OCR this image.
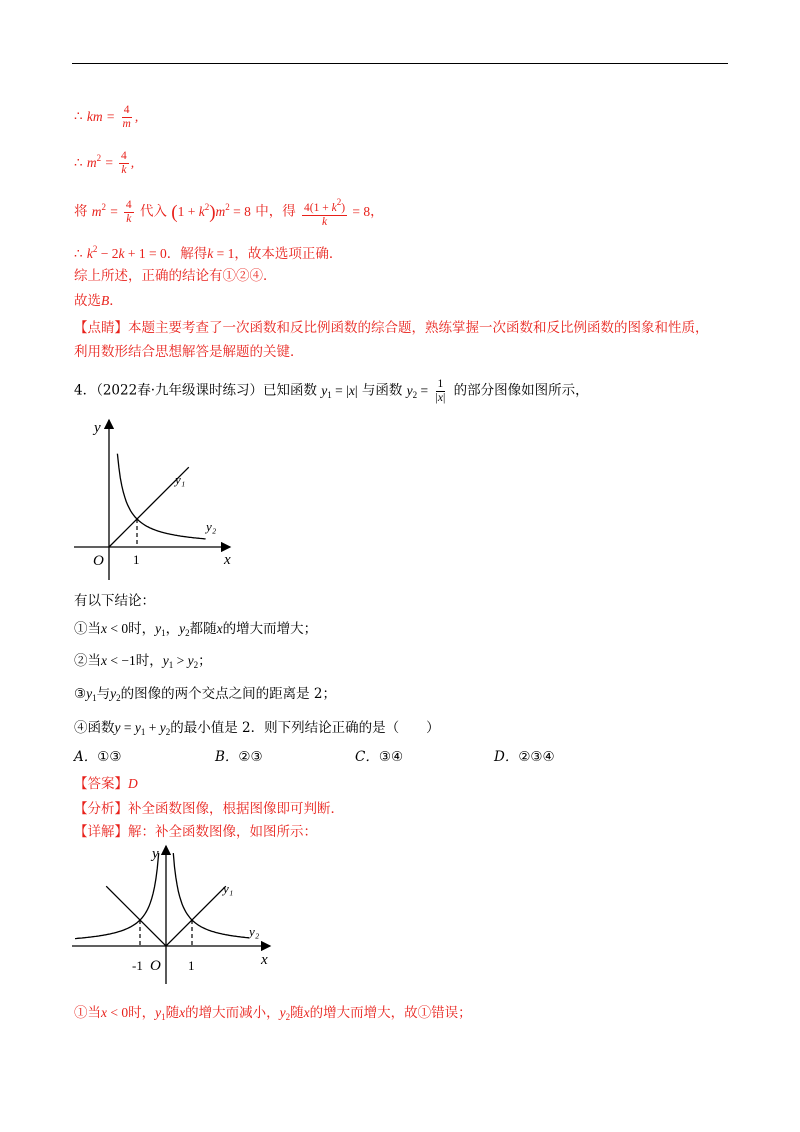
∴ km = $\frac{4}{m}$ ,
∴ $m^2 = \frac{4}{k}$ ,
将 $m^2 = \frac{4}{k}$ 代入 $(1 + k^2)m^2 = 8$ 中，得 $\frac{4(1 + k^2)}{k} = 8$，
∴ $k^2 - 2k + 1 = 0$．解得k = 1，故本选项正确．
综上所述，正确的结论有①②④．
故选B．
【点睛】本题主要考查了一次函数和反比例函数的综合题，熟练掌握一次函数和反比例函数的图象和性质，
利用数形结合思想解答是解题的关键．
4．（2022春·九年级课时练习）已知函数 $y_1 = |x|$ 与函数 $y_2 = \frac{1}{|x|}$ 的部分图像如图所示，
y
x
O 1
y₁
y₂
有以下结论：
①当x < 0时，$y_1$，$y_2$都随x的增大而增大；
②当x < −1时，$y_1 > y_2$；
$③y_1$与$y_2$的图像的两个交点之间的距离是 2；
④函数$y = y_1 + y_2$的最小值是 2．则下列结论正确的是（　　）
A．①③	B．②③	C．③④	D．②③④
【答案】D
【分析】补全函数图像，根据图像即可判断．
【详解】解：补全函数图像，如图所示：
y
x
O
-1	1
y₁
y₂
①当x < 0时，$y_1$随x的增大而减小，$y_2$随x的增大而增大，故①错误；
